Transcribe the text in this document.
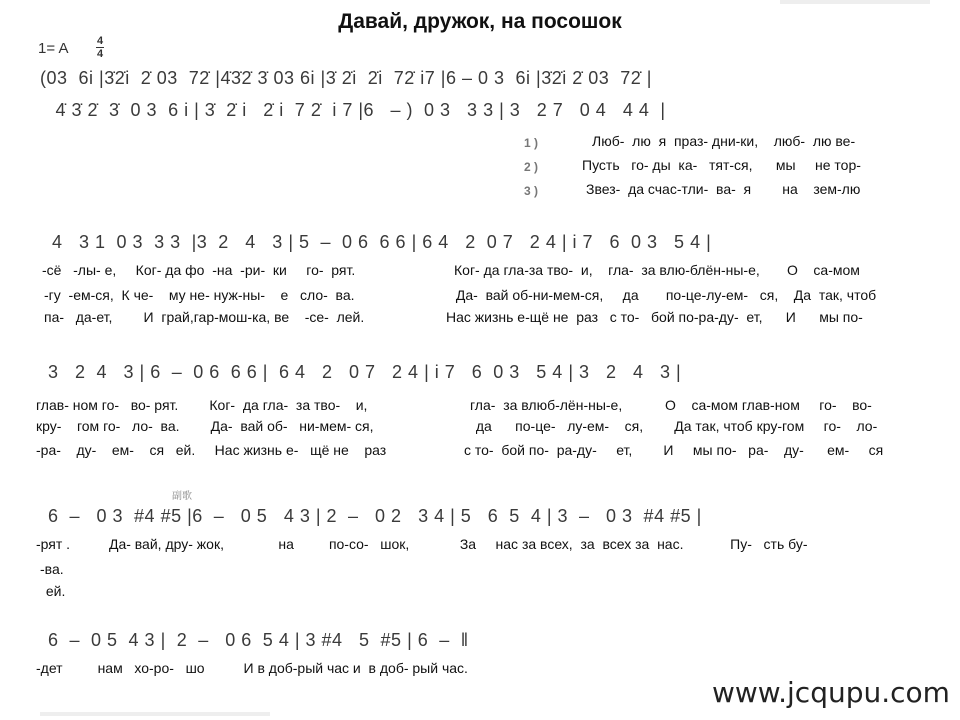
Давай, дружок, на посошок
1= A	4
4
(03  6i |3̇2̇i  2̇ 03  72̇ |4̇3̇2̇ 3̇ 03 6i |3̇ 2̇i  2̇i  72̇ i7 |6 – 0 3  6i |3̇2̇i 2̇ 03  72̇ |
4̇ 3̇ 2̇  3̇  0 3  6 i | 3̇  2̇ i   2̇ i  7 2̇  i 7 |6   – )  0 3   3 3 | 3   2 7   0 4   4 4  |
1 )
2 )
3 )
Люб-  лю  я  праз- дни-ки,    люб-  лю ве-
Пусть   го- ды  ка-   тят-ся,      мы     не тор-
Звез-  да счас-тли-  ва-  я        на    зем-лю
4   3 1  0 3  3 3  |3  2   4   3 | 5  –  0 6  6 6 | 6 4   2  0 7   2 4 | i 7   6  0 3   5 4 |
-сё   -лы- е,     Ког- да фо  -на  -ри-  ки     го-  рят.
-гу  -ем-ся,  К че-    му не- нуж-ны-    е   сло-  ва.
па-   да-ет,        И  грай,гар-мош-ка, ве    -се-  лей.
Ког- да гла-за тво-  и,    гла-  за влю-блён-ны-е,       О    са-мом
Да-  вай об-ни-мем-ся,     да       по-це-лу-ем-   ся,    Да  так, чтоб
Нас жизнь е-щё не  раз   с то-   бой по-ра-ду-  ет,      И      мы по-
3   2  4   3 | 6  –  0 6  6 6 |  6 4   2   0 7   2 4 | i 7   6  0 3   5 4 | 3   2   4   3 |
глав- ном го-   во- рят.        Ког-  да гла-  за тво-    и,
кру-    гом го-   ло-  ва.        Да-  вай об-   ни-мем- ся,
-ра-    ду-    ем-    ся   ей.     Нас жизнь е-   щё не    раз
гла-  за влюб-лён-ны-е,           О    са-мом глав-ном     го-    во-
да      по-це-   лу-ем-    ся,        Да так, чтоб кру-гом     го-    ло-
с то-  бой по-  ра-ду-     ет,        И     мы по-   ра-    ду-      ем-     ся
副歌
6  –   0 3  #4 #5 |6  –   0 5   4 3 | 2  –   0 2   3 4 | 5   6  5  4 | 3  –   0 3  #4 #5 |
-рят .          Да- вай, дру- жок,              на         по-со-   шок,             За     нас за всех,  за  всех за  нас.            Пу-   сть бу-
-ва.
ей.
6  –  0 5  4 3 |  2  –   0 6  5 4 | 3 #4   5  #5 | 6  –  ‖
-дет         нам   хо-ро-   шо          И в доб-рый час и  в доб- рый час.
www.jcqupu.com
